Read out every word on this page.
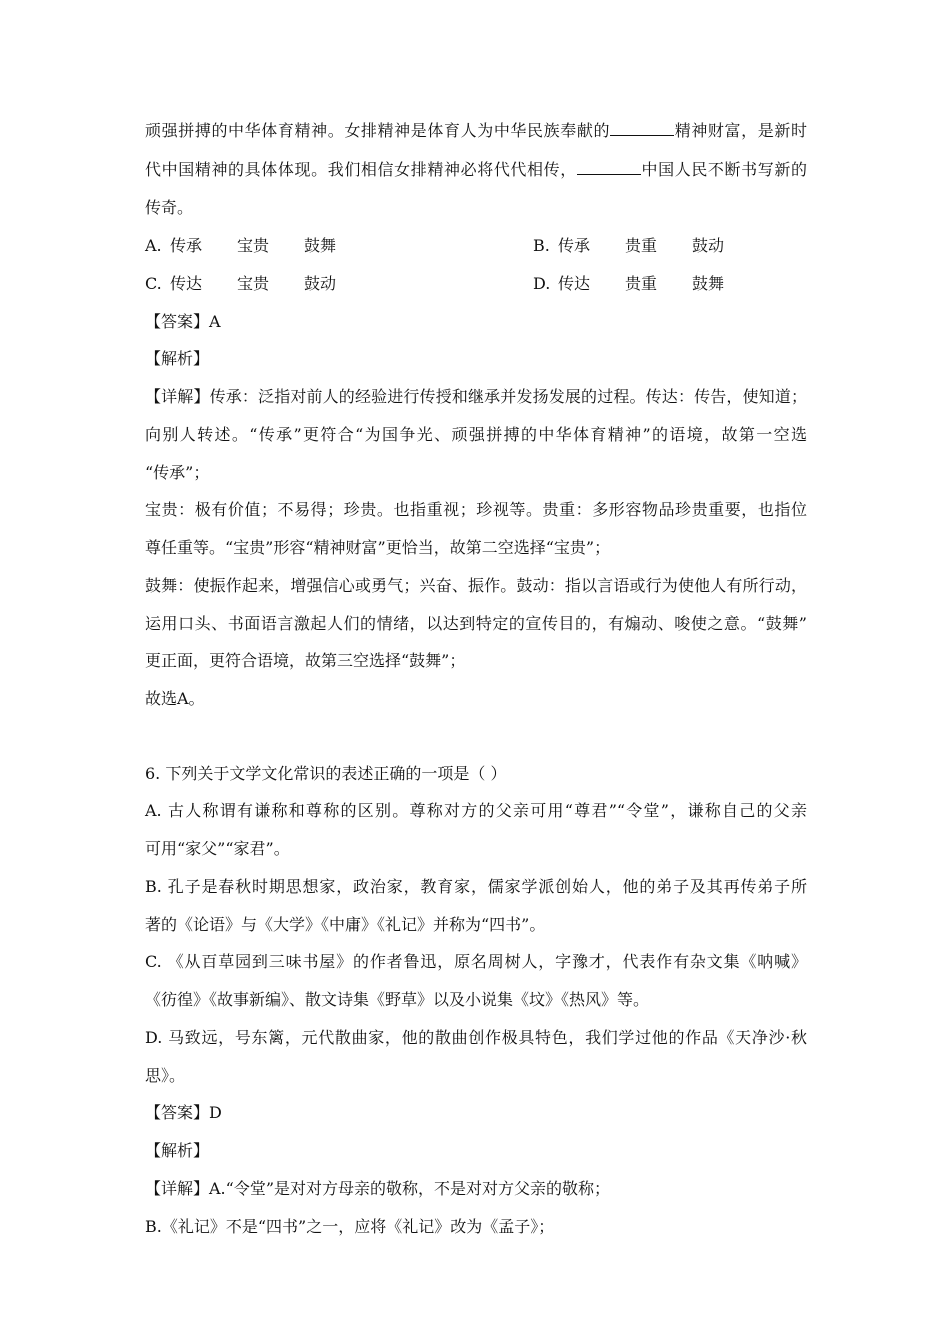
顽强拼搏的中华体育精神。女排精神是体育人为中华民族奉献的	精神财富，是新时
代中国精神的具体体现。我们相信女排精神必将代代相传，	中国人民不断书写新的
传奇。
A. 传承 宝贵 鼓舞	B. 传承 贵重 鼓动
C. 传达 宝贵 鼓动	D. 传达 贵重 鼓舞
【答案】A
【解析】
【详解】传承：泛指对前人的经验进行传授和继承并发扬发展的过程。传达：传告，使知道；
向别人转述。“传承”更符合“为国争光、顽强拼搏的中华体育精神”的语境，故第一空选
“传承”；
宝贵：极有价值；不易得；珍贵。也指重视；珍视等。贵重：多形容物品珍贵重要，也指位
尊任重等。“宝贵”形容“精神财富”更恰当，故第二空选择“宝贵”；
鼓舞：使振作起来，增强信心或勇气；兴奋、振作。鼓动：指以言语或行为使他人有所行动，
运用口头、书面语言激起人们的情绪，以达到特定的宣传目的，有煽动、唆使之意。“鼓舞”
更正面，更符合语境，故第三空选择“鼓舞”；
故选A。
6. 下列关于文学文化常识的表述正确的一项是（ ）
A. 古人称谓有谦称和尊称的区别。尊称对方的父亲可用“尊君”“令堂”，谦称自己的父亲
可用“家父”“家君”。
B. 孔子是春秋时期思想家，政治家，教育家，儒家学派创始人，他的弟子及其再传弟子所
著的《论语》与《大学》《中庸》《礼记》并称为“四书”。
C. 《从百草园到三味书屋》的作者鲁迅，原名周树人，字豫才，代表作有杂文集《呐喊》
《彷徨》《故事新编》、散文诗集《野草》以及小说集《坟》《热风》等。
D. 马致远，号东篱，元代散曲家，他的散曲创作极具特色，我们学过他的作品《天净沙·秋
思》。
【答案】D
【解析】
【详解】A.“令堂”是对对方母亲的敬称，不是对对方父亲的敬称；
B.《礼记》不是“四书”之一，应将《礼记》改为《孟子》；
